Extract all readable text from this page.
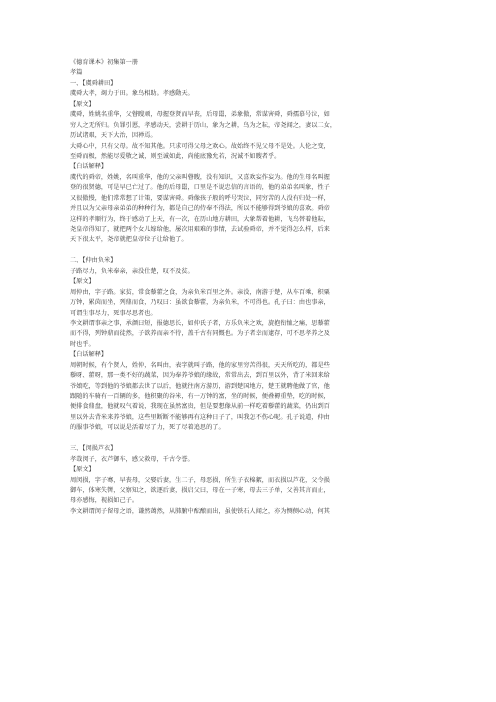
《德育课本》初集第一册
孝篇
一、【虞舜耕田】
虞舜大孝，竭力于田。象鸟相助。孝感動天。
【原文】
虞舜，姓姚名重华，父瞽瞍顽，母握登贤而早丧，后母嚚，弟象傲，常谋害舜，舜孺慕号泣，如
穷人之无所归。负罪引慝，孝感动天，尝耕于历山，象为之耕，鸟为之耘，帝尧闻之，妻以二女，
历试诸艰，天下大治，因禅焉。
大舜心中，只有父母。故不知其他。只求可得父母之欢心。故始终不见父母不是处。人伦之变，
至舜而极，然能尽爱敬之诚，则至诚如此，尚能底豫允若，況诚不如瞍者乎。
【白话解释】
虞代的舜帝，姓姚，名叫重华，他的父亲叫瞽瞍，没有知识，又喜欢妄作妄为。他的生母名叫握
登的很贤德，可是早已亡过了。他的后母嚚，口里是不说忠信的言语的，他的弟弟名叫象，性子
又很傲慢，他们常常想了计策，要谋害舜。舜像孩子般的呼号哭泣，同穷苦的人没有归处一样，
并且以为父亲母亲弟弟的种种行为，都是自己的侍奉不得法，所以不能够得到爷娘的喜欢。舜帝
这样的孝顺行为，终于感动了上天，有一次，在历山地方耕田，大象帮着他耕，飞鸟替着他耘，
尧皇帝得知了，就把两个女儿嫁给他，屡次用艰难的事情，去试验舜帝，并不觉得怎么样，后来
天下很太平，尧帝就把皇帝位子让给他了。
二、【仲由负米】
子路尽力，负米奉亲，亲没仕楚，叹不及贫。
【原文】
周仲由，字子路。家贫，常食藜藿之食，为亲负米百里之外。亲没，南游于楚，从车百乘，积粟
万钟，累茵而坐，列鼎而食，乃叹曰：虽欲食藜藿，为亲负米，不可得也。孔子曰：由也事亲，
可谓生事尽力，死事尽思者也。
李文耕谓事亲之事，承颜曰短，报德思长，如仲氏子者，方乐负米之欢，旋抱衔恤之痛，思藜藿
而不得，列钟鼎而徒然，子欲养而亲不待，盖千古有同慨也。为子者幸而逮存，可不思孝养之及
时也乎。
【白话解释】
周朝时候，有个贤人，姓仲，名叫由，表字就叫子路，他的家里穷苦得很，天天所吃的，都是些
藜呀、藿呀，那一类不好的蔬菜，因为奉养爷娘的缘故，常常出去，到百里以外，背了米回来给
爷娘吃，等到他的爷娘都去世了以后，他就往南方游历，游到楚国地方，楚王就聘他做了官，他
跟随的车骑有一百辆的多，他积聚的谷米，有一万钟的富，坐的时候，便叠褥重垫，吃的时候，
便排食鼎盘，他就叹气着说，我现在虽然富贵，但是要想像从前一样吃着藜藿的蔬菜，仍出到百
里以外去背米来养爷娘，这些里断断不能够再有这种日子了，叫我怎不伤心呢。孔子说道，仲由
的服事爷娘，可以说是活着尽了力，死了尽着追思的了。
三、【闵损芦衣】
孝哉闵子，衣芦御车，感父救母，千古令誉。
【原文】
周闵损，字子骞，早丧母，父娶后妻，生二子，母恶损，所生子衣棉絮，而衣损以芦花，父令损
御车，体寒失辔，父察知之，欲逐后妻，损启父曰，母在一子寒，母去三子单，父善其言而止，
母亦感悔，视损如己子。
李文耕谓闵子留母之语，谦然蔼然，从肺腑中酝酿而出，虽使铁石人闻之，亦为恻侧心动，何其
